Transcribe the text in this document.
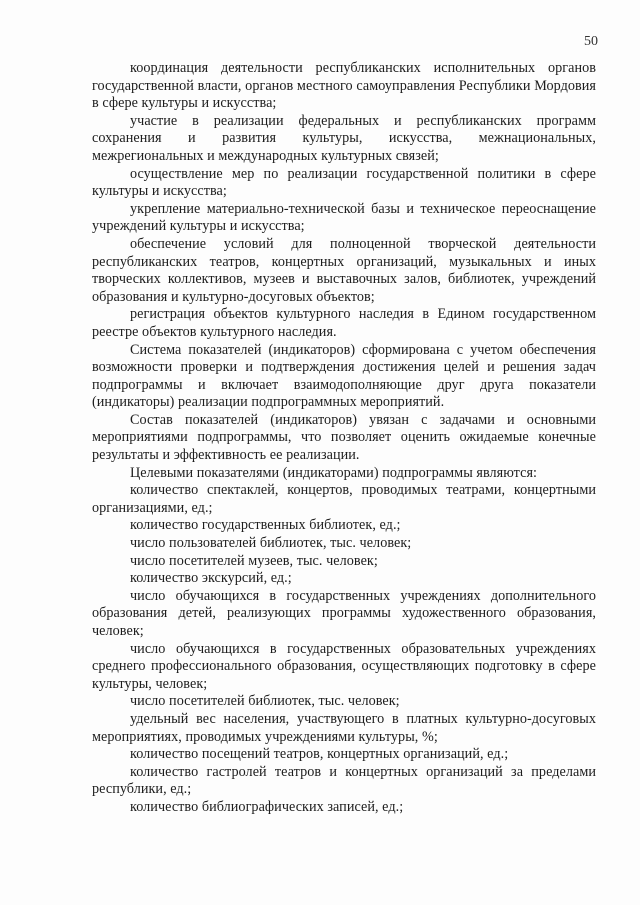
50

координация деятельности республиканских исполнительных органов государственной власти, органов местного самоуправления Республики Мордовия в сфере культуры и искусства;

участие в реализации федеральных и республиканских программ сохранения и развития культуры, искусства, межнациональных, межрегиональных и международных культурных связей;

осуществление мер по реализации государственной политики в сфере культуры и искусства;

укрепление материально-технической базы и техническое переоснащение учреждений культуры и искусства;

обеспечение условий для полноценной творческой деятельности республиканских театров, концертных организаций, музыкальных и иных творческих коллективов, музеев и выставочных залов, библиотек, учреждений образования и культурно-досуговых объектов;

регистрация объектов культурного наследия в Едином государственном реестре объектов культурного наследия.

Система показателей (индикаторов) сформирована с учетом обеспечения возможности проверки и подтверждения достижения целей и решения задач подпрограммы и включает взаимодополняющие друг друга показатели (индикаторы) реализации подпрограммных мероприятий.

Состав показателей (индикаторов) увязан с задачами и основными мероприятиями подпрограммы, что позволяет оценить ожидаемые конечные результаты и эффективность ее реализации.

Целевыми показателями (индикаторами) подпрограммы являются:

количество спектаклей, концертов, проводимых театрами, концертными организациями, ед.;

количество государственных библиотек, ед.;

число пользователей библиотек, тыс. человек;

число посетителей музеев, тыс. человек;

количество экскурсий, ед.;

число обучающихся в государственных учреждениях дополнительного образования детей, реализующих программы художественного образования, человек;

число обучающихся в государственных образовательных учреждениях среднего профессионального образования, осуществляющих подготовку в сфере культуры, человек;

число посетителей библиотек, тыс. человек;

удельный вес населения, участвующего в платных культурно-досуговых мероприятиях, проводимых учреждениями культуры, %;

количество посещений театров, концертных организаций, ед.;

количество гастролей театров и концертных организаций за пределами республики, ед.;

количество библиографических записей, ед.;
